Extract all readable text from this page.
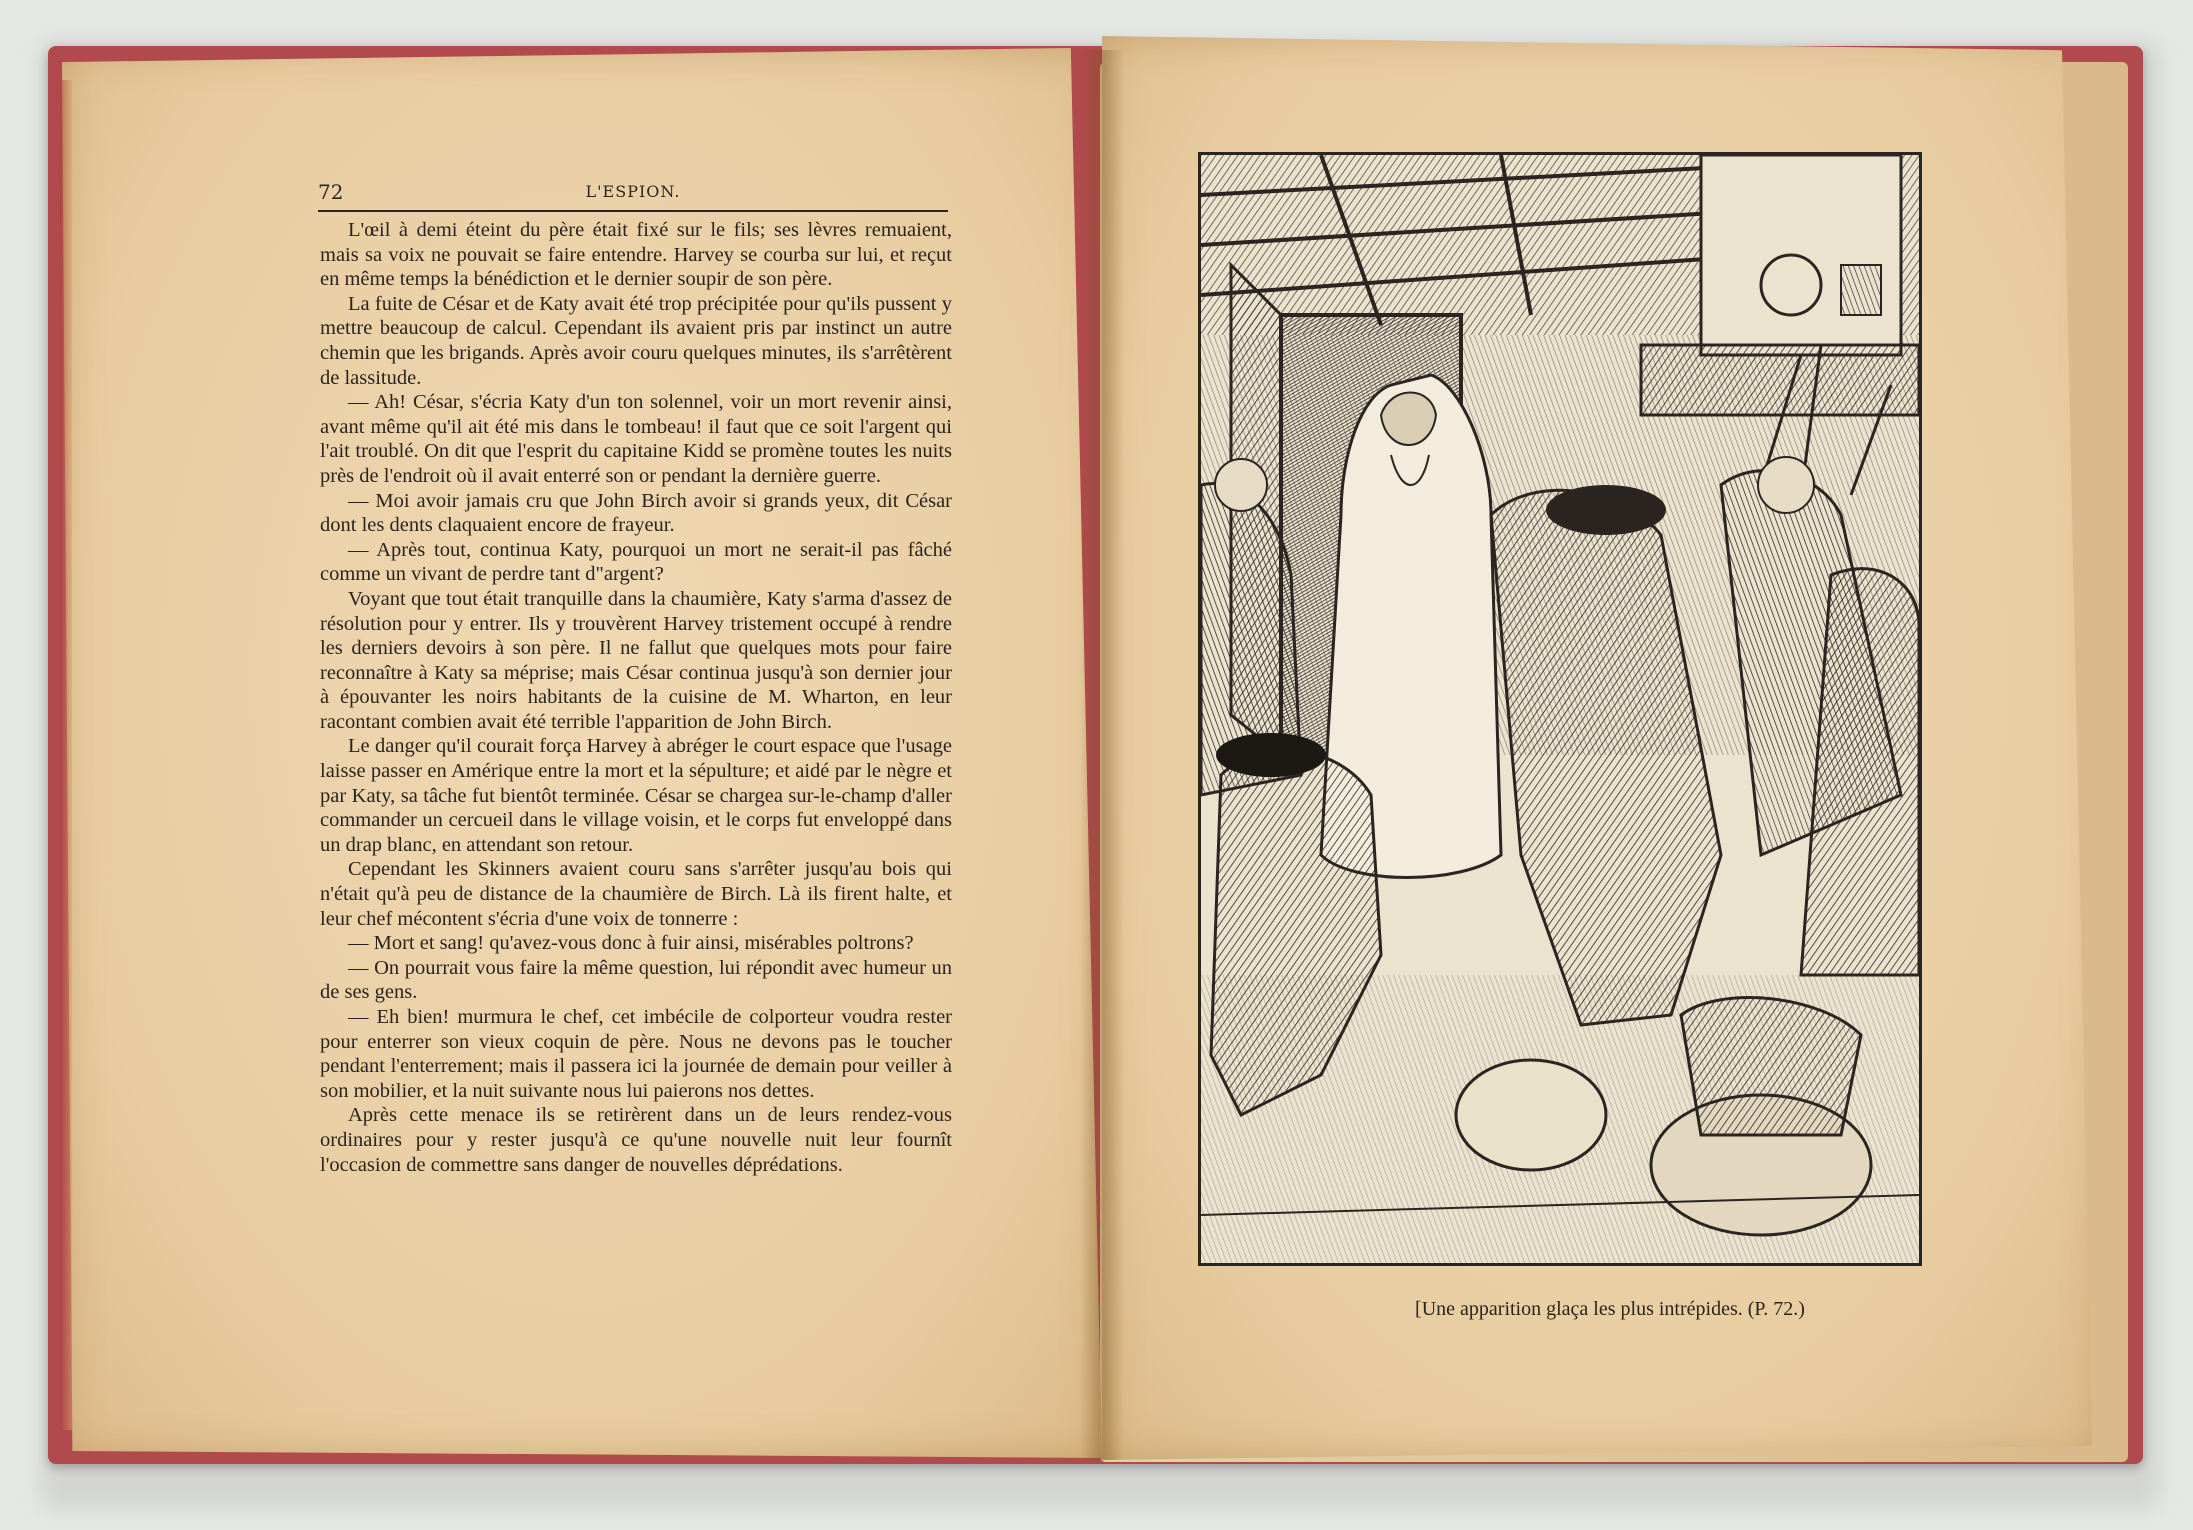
72	L'ESPION.

L'œil à demi éteint du père était fixé sur le fils; ses lèvres remuaient, mais sa voix ne pouvait se faire entendre. Harvey se courba sur lui, et reçut en même temps la bénédiction et le dernier soupir de son père.

La fuite de César et de Katy avait été trop précipitée pour qu'ils pussent y mettre beaucoup de calcul. Cependant ils avaient pris par instinct un autre chemin que les brigands. Après avoir couru quelques minutes, ils s'arrêtèrent de lassitude.

— Ah! César, s'écria Katy d'un ton solennel, voir un mort revenir ainsi, avant même qu'il ait été mis dans le tombeau! il faut que ce soit l'argent qui l'ait troublé. On dit que l'esprit du capitaine Kidd se promène toutes les nuits près de l'endroit où il avait enterré son or pendant la dernière guerre.

— Moi avoir jamais cru que John Birch avoir si grands yeux, dit César dont les dents claquaient encore de frayeur.

— Après tout, continua Katy, pourquoi un mort ne serait-il pas fâché comme un vivant de perdre tant d"argent?

Voyant que tout était tranquille dans la chaumière, Katy s'arma d'assez de résolution pour y entrer. Ils y trouvèrent Harvey tristement occupé à rendre les derniers devoirs à son père. Il ne fallut que quelques mots pour faire reconnaître à Katy sa méprise; mais César continua jusqu'à son dernier jour à épouvanter les noirs habitants de la cuisine de M. Wharton, en leur racontant combien avait été terrible l'apparition de John Birch.

Le danger qu'il courait força Harvey à abréger le court espace que l'usage laisse passer en Amérique entre la mort et la sépulture; et aidé par le nègre et par Katy, sa tâche fut bientôt terminée. César se chargea sur-le-champ d'aller commander un cercueil dans le village voisin, et le corps fut enveloppé dans un drap blanc, en attendant son retour.

Cependant les Skinners avaient couru sans s'arrêter jusqu'au bois qui n'était qu'à peu de distance de la chaumière de Birch. Là ils firent halte, et leur chef mécontent s'écria d'une voix de tonnerre :

— Mort et sang! qu'avez-vous donc à fuir ainsi, misérables poltrons?

— On pourrait vous faire la même question, lui répondit avec humeur un de ses gens.

— Eh bien! murmura le chef, cet imbécile de colporteur voudra rester pour enterrer son vieux coquin de père. Nous ne devons pas le toucher pendant l'enterrement; mais il passera ici la journée de demain pour veiller à son mobilier, et la nuit suivante nous lui paierons nos dettes.

Après cette menace ils se retirèrent dans un de leurs rendez-vous ordinaires pour y rester jusqu'à ce qu'une nouvelle nuit leur fournît l'occasion de commettre sans danger de nouvelles déprédations.

[Une apparition glaça les plus intrépides. (P. 72.)
